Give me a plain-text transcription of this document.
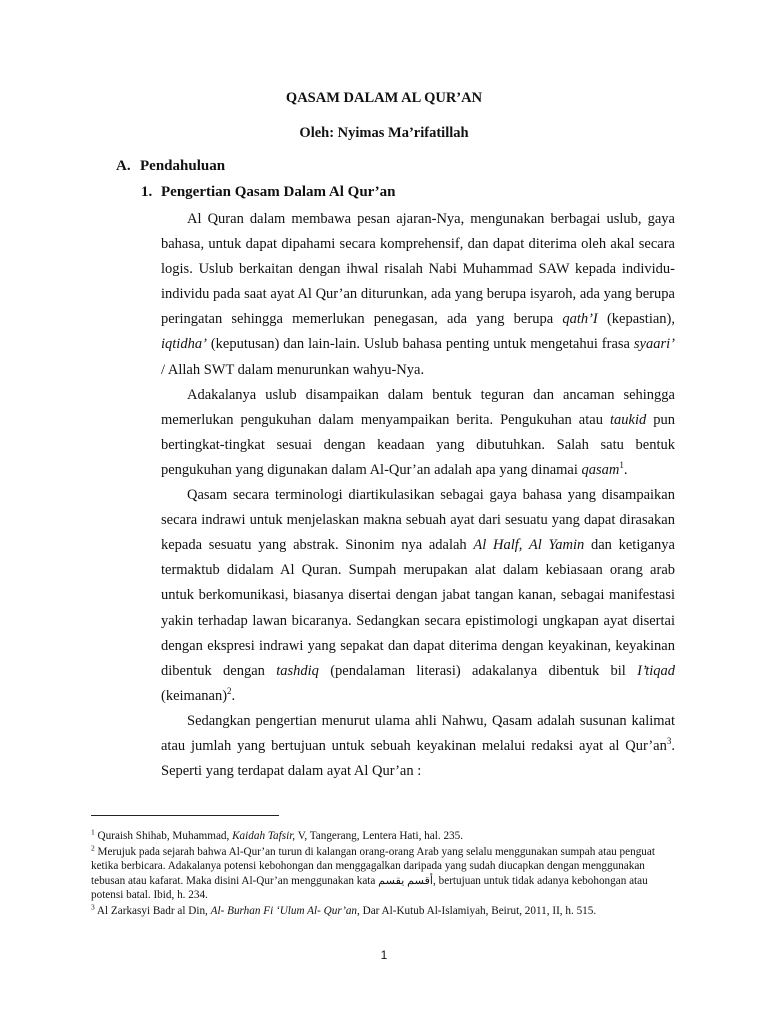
QASAM DALAM AL QUR’AN
Oleh: Nyimas Ma’rifatillah
A. Pendahuluan
1. Pengertian Qasam Dalam Al Qur’an

Al Quran dalam membawa pesan ajaran-Nya, mengunakan berbagai uslub, gaya bahasa, untuk dapat dipahami secara komprehensif, dan dapat diterima oleh akal secara logis. Uslub berkaitan dengan ihwal risalah Nabi Muhammad SAW kepada individu-individu pada saat ayat Al Qur’an diturunkan, ada yang berupa isyaroh, ada yang berupa peringatan sehingga memerlukan penegasan, ada yang berupa qath’I (kepastian), iqtidha’ (keputusan) dan lain-lain. Uslub bahasa penting untuk mengetahui frasa syaari’ / Allah SWT dalam menurunkan wahyu-Nya.

Adakalanya uslub disampaikan dalam bentuk teguran dan ancaman sehingga memerlukan pengukuhan dalam menyampaikan berita. Pengukuhan atau taukid pun bertingkat-tingkat sesuai dengan keadaan yang dibutuhkan. Salah satu bentuk pengukuhan yang digunakan dalam Al-Qur’an adalah apa yang dinamai qasam$^1$.

Qasam secara terminologi diartikulasikan sebagai gaya bahasa yang disampaikan secara indrawi untuk menjelaskan makna sebuah ayat dari sesuatu yang dapat dirasakan kepada sesuatu yang abstrak. Sinonim nya adalah Al Half, Al Yamin dan ketiganya termaktub didalam Al Quran. Sumpah merupakan alat dalam kebiasaan orang arab untuk berkomunikasi, biasanya disertai dengan jabat tangan kanan, sebagai manifestasi yakin terhadap lawan bicaranya. Sedangkan secara epistimologi ungkapan ayat disertai dengan ekspresi indrawi yang sepakat dan dapat diterima dengan keyakinan, keyakinan dibentuk dengan tashdiq (pendalaman literasi) adakalanya dibentuk bil I’tiqad (keimanan)$^2$.

Sedangkan pengertian menurut ulama ahli Nahwu, Qasam adalah susunan kalimat atau jumlah yang bertujuan untuk sebuah keyakinan melalui redaksi ayat al $Qur’an^3$. Seperti yang terdapat dalam ayat Al Qur’an :

$^1$ Quraish Shihab, Muhammad, Kaidah Tafsir, V, Tangerang, Lentera Hati, hal. 235.
$^2$ Merujuk pada sejarah bahwa Al-Qur’an turun di kalangan orang-orang Arab yang selalu menggunakan sumpah atau penguat ketika berbicara. Adakalanya potensi kebohongan dan menggagalkan daripada yang sudah diucapkan dengan menggunakan tebusan atau kafarat. Maka disini Al-Qur’an menggunakan kata أقسم يقسم, bertujuan untuk tidak adanya kebohongan atau potensi batal. Ibid, h. 234.
$^3$ Al Zarkasyi Badr al Din, Al- Burhan Fi ‘Ulum Al- Qur’an, Dar Al-Kutub Al-Islamiyah, Beirut, 2011, II, h. 515.
1
